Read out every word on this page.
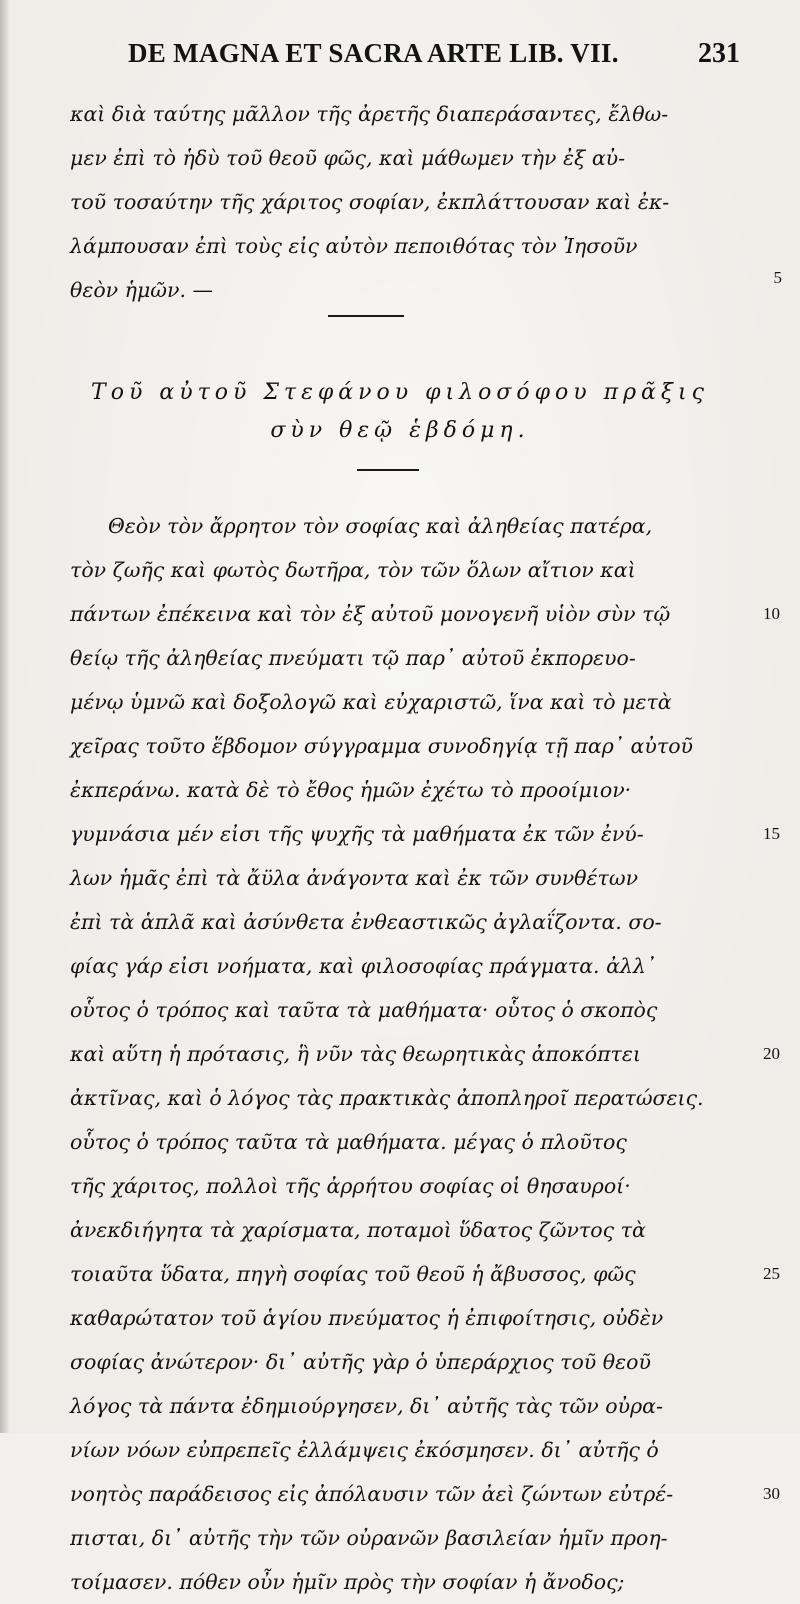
DE MAGNA ET SACRA ARTE LIB. VII.	231
καὶ διὰ ταύτης μᾶλλον τῆς ἀρετῆς διαπεράσαντες, ἔλθω-
μεν ἐπὶ τὸ ἡδὺ τοῦ θεοῦ φῶς, καὶ μάθωμεν τὴν ἐξ αὐ-
τοῦ τοσαύτην τῆς χάριτος σοφίαν, ἐκπλάττουσαν καὶ ἐκ-
λάμπουσαν ἐπὶ τοὺς εἰς αὐτὸν πεποιθότας τὸν Ἰησοῦν
θεὸν ἡμῶν. —
5
Τοῦ αὐτοῦ Στεφάνου φιλοσόφου πρᾶξις
σὺν θεῷ ἑβδόμη.
Θεὸν τὸν ἄρρητον τὸν σοφίας καὶ ἀληθείας πατέρα,
τὸν ζωῆς καὶ φωτὸς δωτῆρα, τὸν τῶν ὅλων αἴτιον καὶ
πάντων ἐπέκεινα καὶ τὸν ἐξ αὐτοῦ μονογενῆ υἱὸν σὺν τῷ	10
θείῳ τῆς ἀληθείας πνεύματι τῷ παρ᾽ αὐτοῦ ἐκπορευο-
μένῳ ὑμνῶ καὶ δοξολογῶ καὶ εὐχαριστῶ, ἵνα καὶ τὸ μετὰ
χεῖρας τοῦτο ἕβδομον σύγγραμμα συνοδηγίᾳ τῇ παρ᾽ αὐτοῦ
ἐκπεράνω. κατὰ δὲ τὸ ἔθος ἡμῶν ἐχέτω τὸ προοίμιον·
γυμνάσια μέν εἰσι τῆς ψυχῆς τὰ μαθήματα ἐκ τῶν ἐνύ-	15
λων ἡμᾶς ἐπὶ τὰ ἄϋλα ἀνάγοντα καὶ ἐκ τῶν συνθέτων
ἐπὶ τὰ ἁπλᾶ καὶ ἀσύνθετα ἐνθεαστικῶς ἀγλαΐζοντα. σο-
φίας γάρ εἰσι νοήματα, καὶ φιλοσοφίας πράγματα. ἀλλ᾽
οὗτος ὁ τρόπος καὶ ταῦτα τὰ μαθήματα· οὗτος ὁ σκοπὸς
καὶ αὕτη ἡ πρότασις, ἣ νῦν τὰς θεωρητικὰς ἀποκόπτει	20
ἀκτῖνας, καὶ ὁ λόγος τὰς πρακτικὰς ἀποπληροῖ περατώσεις.
οὗτος ὁ τρόπος ταῦτα τὰ μαθήματα. μέγας ὁ πλοῦτος
τῆς χάριτος, πολλοὶ τῆς ἀρρήτου σοφίας οἱ θησαυροί·
ἀνεκδιήγητα τὰ χαρίσματα, ποταμοὶ ὕδατος ζῶντος τὰ
τοιαῦτα ὕδατα, πηγὴ σοφίας τοῦ θεοῦ ἡ ἄβυσσος, φῶς	25
καθαρώτατον τοῦ ἁγίου πνεύματος ἡ ἐπιφοίτησις, οὐδὲν
σοφίας ἀνώτερον· δι᾽ αὐτῆς γὰρ ὁ ὑπεράρχιος τοῦ θεοῦ
λόγος τὰ πάντα ἐδημιούργησεν, δι᾽ αὐτῆς τὰς τῶν οὐρα-
νίων νόων εὐπρεπεῖς ἐλλάμψεις ἐκόσμησεν. δι᾽ αὐτῆς ὁ
νοητὸς παράδεισος εἰς ἀπόλαυσιν τῶν ἀεὶ ζώντων εὐτρέ-	30
πισται, δι᾽ αὐτῆς τὴν τῶν οὐρανῶν βασιλείαν ἡμῖν προη-
τοίμασεν. πόθεν οὖν ἡμῖν πρὸς τὴν σοφίαν ἡ ἄνοδος;
